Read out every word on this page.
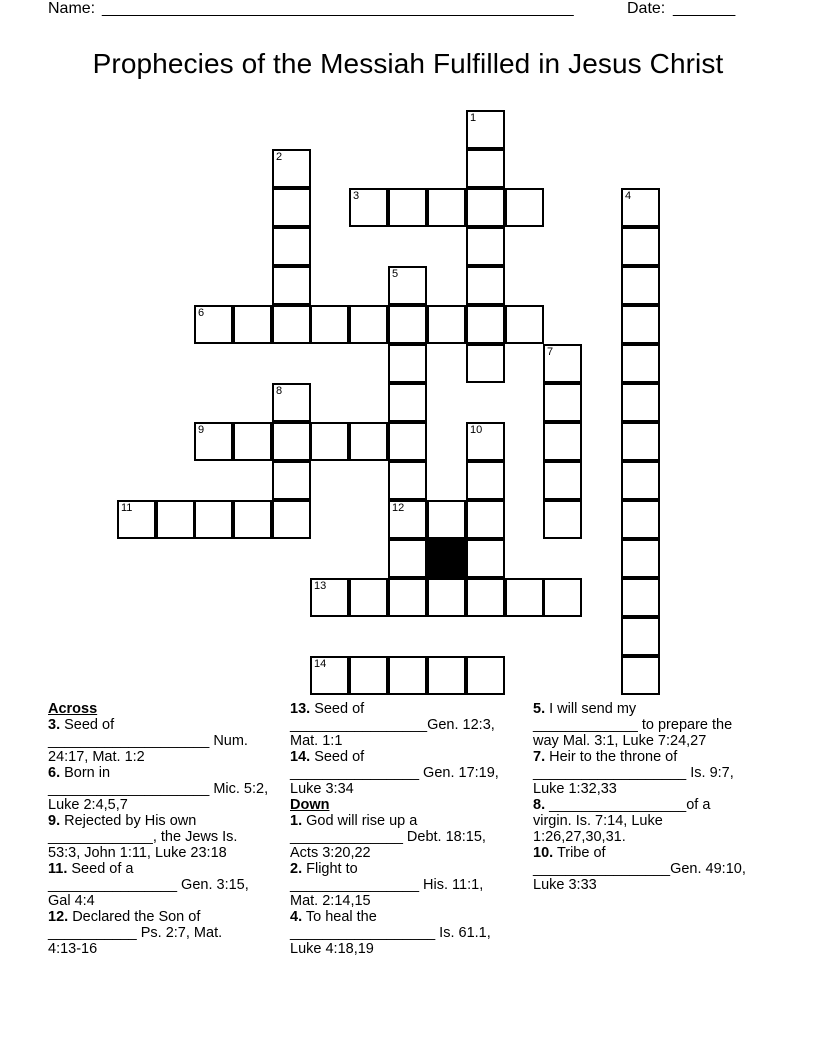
Name: _____________________________________________________	Date: _______
Prophecies of the Messiah Fulfilled in Jesus Christ
1
2
3	4
5
12
6
7
8
9	10
11
13
14
Across
3. Seed of
____________________ Num.
24:17, Mat. 1:2
6. Born in
____________________ Mic. 5:2,
Luke 2:4,5,7
9. Rejected by His own
_____________, the Jews Is.
53:3, John 1:11, Luke 23:18
11. Seed of a
________________ Gen. 3:15,
Gal 4:4
12. Declared the Son of
___________ Ps. 2:7, Mat.
4:13-16
13. Seed of
_________________Gen. 12:3,
Mat. 1:1
14. Seed of
________________ Gen. 17:19,
Luke 3:34
Down
1. God will rise up a
______________ Debt. 18:15,
Acts 3:20,22
2. Flight to
________________ His. 11:1,
Mat. 2:14,15
4. To heal the
__________________ Is. 61.1,
Luke 4:18,19
5. I will send my
_____________ to prepare the
way Mal. 3:1, Luke 7:24,27
7. Heir to the throne of
___________________ Is. 9:7,
Luke 1:32,33
8. _________________of a
virgin. Is. 7:14, Luke
1:26,27,30,31.
10. Tribe of
_________________Gen. 49:10,
Luke 3:33
